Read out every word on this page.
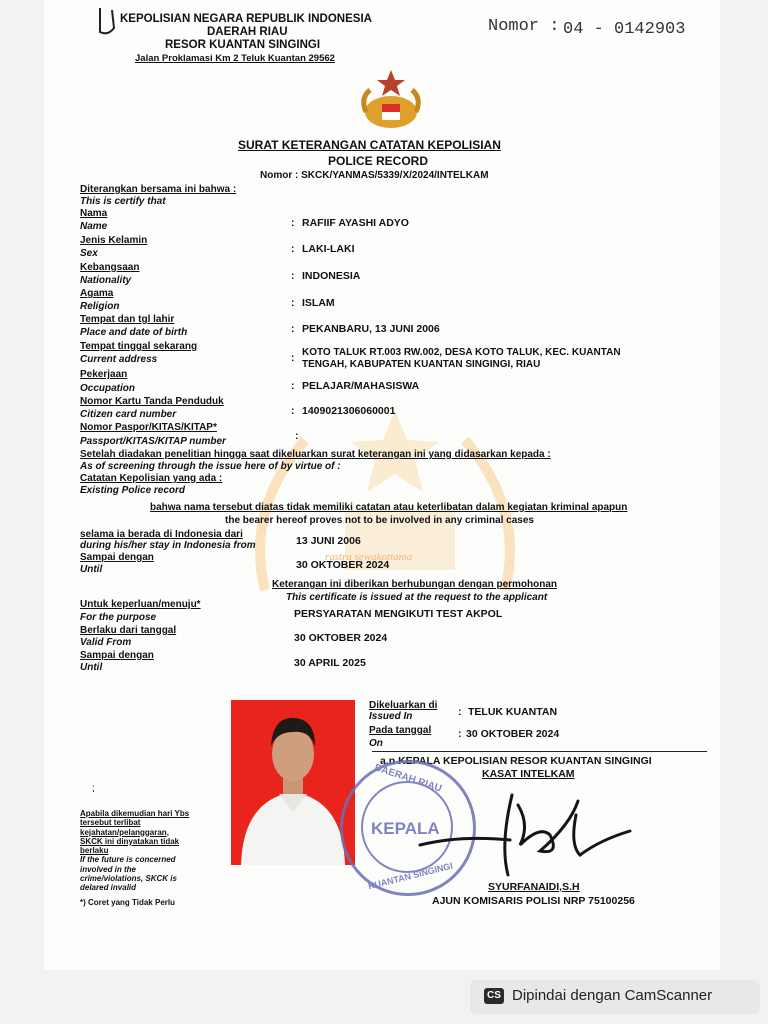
rastra sewakottama
KEPOLISIAN NEGARA REPUBLIK INDONESIA
DAERAH RIAU
RESOR KUANTAN SINGINGI
Jalan Proklamasi Km 2 Teluk Kuantan 29562
Nomor : 04 - 0142903
SURAT KETERANGAN CATATAN KEPOLISIAN
POLICE RECORD
Nomor : SKCK/YANMAS/5339/X/2024/INTELKAM
Diterangkan bersama ini bahwa :
This is certify that
Nama
Name	: RAFIIF AYASHI ADYO
Jenis Kelamin
Sex	: LAKI-LAKI
Kebangsaan
Nationality	: INDONESIA
Agama
Religion	: ISLAM
Tempat dan tgl lahir
Place and date of birth	: PEKANBARU, 13 JUNI 2006
Tempat tinggal sekarang
Current address	: KOTO TALUK RT.003 RW.002, DESA KOTO TALUK, KEC. KUANTAN
TENGAH, KABUPATEN KUANTAN SINGINGI, RIAU
Pekerjaan
Occupation	: PELAJAR/MAHASISWA
Nomor Kartu Tanda Penduduk
Citizen card number	: 1409021306060001
Nomor Paspor/KITAS/KITAP*
Passport/KITAS/KITAP number	:
Setelah diadakan penelitian hingga saat dikeluarkan surat keterangan ini yang didasarkan kepada :
As of screening through the issue here of by virtue of :
Catatan Kepolisian yang ada :
Existing Police record
bahwa nama tersebut diatas tidak memiliki catatan atau keterlibatan dalam kegiatan kriminal apapun
the bearer hereof proves not to be involved in any criminal cases
selama ia berada di Indonesia dari
during his/her stay in Indonesia from	13 JUNI 2006
Sampai dengan
Until	30 OKTOBER 2024
Keterangan ini diberikan berhubungan dengan permohonan
This certificate is issued at the request to the applicant
Untuk keperluan/menuju*
For the purpose	PERSYARATAN MENGIKUTI TEST AKPOL
Berlaku dari tanggal
Valid From	30 OKTOBER 2024
Sampai dengan
Until	30 APRIL 2025
Dikeluarkan di
Issued In	: TELUK KUANTAN
Pada tanggal
On
: 30 OKTOBER 2024
a.n KEPALA KEPOLISIAN RESOR KUANTAN SINGINGI
KASAT INTELKAM
DAERAH RIAU
KEPALA
KUANTAN SINGINGI	SYURFANAIDI,S.H
AJUN KOMISARIS POLISI NRP 75100256
;
Apabila dikemudian hari Ybs
tersebut terlibat
kejahatan/pelanggaran,
SKCK ini dinyatakan tidak
berlaku
If the future is concerned
involved in the
crime/violations, SKCK is
delared invalid
*) Coret yang Tidak Perlu
CS Dipindai dengan CamScanner
